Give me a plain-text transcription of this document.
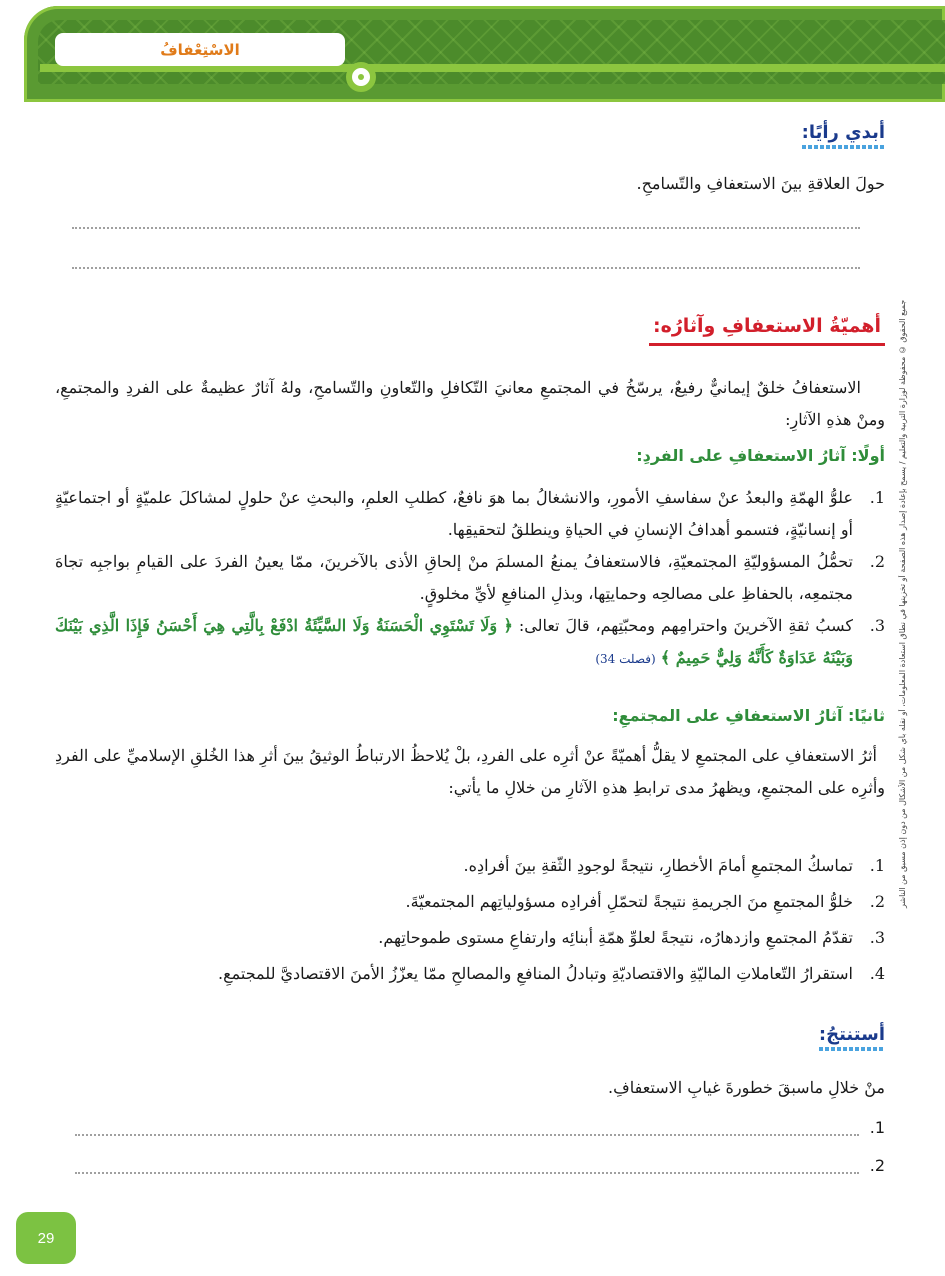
الاسْتِعْفافُ
جميع الحقوق © محفوظة لوزارة التربية والتعليم / يسمح بإعادة إصدار هذه الصفحة أو تخزينها في نطاق استعادة المعلومات، أو نقله بأي شكل من الأشكال من دون إذن مسبق من الناشر
أبدي رأيًا:
حولَ العلاقةِ بينَ الاستعفافِ والتّسامحِ.
أهميّةُ الاستعفافِ وآثارُه:
الاستعفافُ خلقٌ إيمانيٌّ رفيعٌ، يرسّخُ في المجتمعِ معانيَ التّكافلِ والتّعاونِ والتّسامحِ، ولهُ آثارٌ عظيمةٌ على الفردِ والمجتمعِ، ومنْ هذهِ الآثارِ:
أولًا: آثارُ الاستعفافِ على الفردِ:
1.
علوُّ الهمّةِ والبعدُ عنْ سفاسفِ الأمورِ، والانشغالُ بما هوَ نافعٌ، كطلبِ العلمِ، والبحثِ عنْ حلولٍ لمشاكلَ علميّةٍ أو اجتماعيّةٍ أو إنسانيّةٍ، فتسمو أهدافُ الإنسانِ في الحياةِ وينطلقُ لتحقيقِها.
2.
تحمُّلُ المسؤوليّةِ المجتمعيّةِ، فالاستعفافُ يمنعُ المسلمَ منْ إلحاقِ الأذى بالآخرينَ، ممّا يعينُ الفردَ على القيامِ بواجبِه تجاهَ مجتمعِه، بالحفاظِ على مصالحِه وحمايتِها، وبذلِ المنافعِ لأيِّ مخلوقٍ.
3.
كسبُ ثقةِ الآخرينَ واحترامِهم ومحبّتِهم، قالَ تعالى: ﴿ وَلَا تَسْتَوِي الْحَسَنَةُ وَلَا السَّيِّئَةُ ادْفَعْ بِالَّتِي هِيَ أَحْسَنُ فَإِذَا الَّذِي بَيْنَكَ وَبَيْنَهُ عَدَاوَةٌ كَأَنَّهُ وَلِيٌّ حَمِيمٌ ﴾ (فصلت 34)
ثانيًا: آثارُ الاستعفافِ على المجتمعِ:
أثرُ الاستعفافِ على المجتمعِ لا يقلُّ أهميّةً عنْ أثرِه على الفردِ، بلْ يُلاحظُ الارتباطُ الوثيقُ بينَ أثرِ هذا الخُلقِ الإسلاميِّ على الفردِ وأثرِه على المجتمعِ، ويظهرُ مدى ترابطِ هذهِ الآثارِ من خلالِ ما يأتي:
1.
تماسكُ المجتمعِ أمامَ الأخطارِ، نتيجةً لوجودِ الثّقةِ بينَ أفرادِه.
2.
خلوُّ المجتمعِ منَ الجريمةِ نتيجةً لتحمّلِ أفرادِه مسؤولياتِهم المجتمعيّةَ.
3.
تقدّمُ المجتمعِ وازدهارُه، نتيجةً لعلوِّ همّةِ أبنائِه وارتفاعِ مستوى طموحاتِهم.
4.
استقرارُ التّعاملاتِ الماليّةِ والاقتصاديّةِ وتبادلُ المنافعِ والمصالحِ ممّا يعزّزُ الأمنَ الاقتصاديَّ للمجتمعِ.
أستنتجُ:
منْ خلالِ ماسبقَ خطورةَ غيابِ الاستعفافِ.
1.
2.
29
